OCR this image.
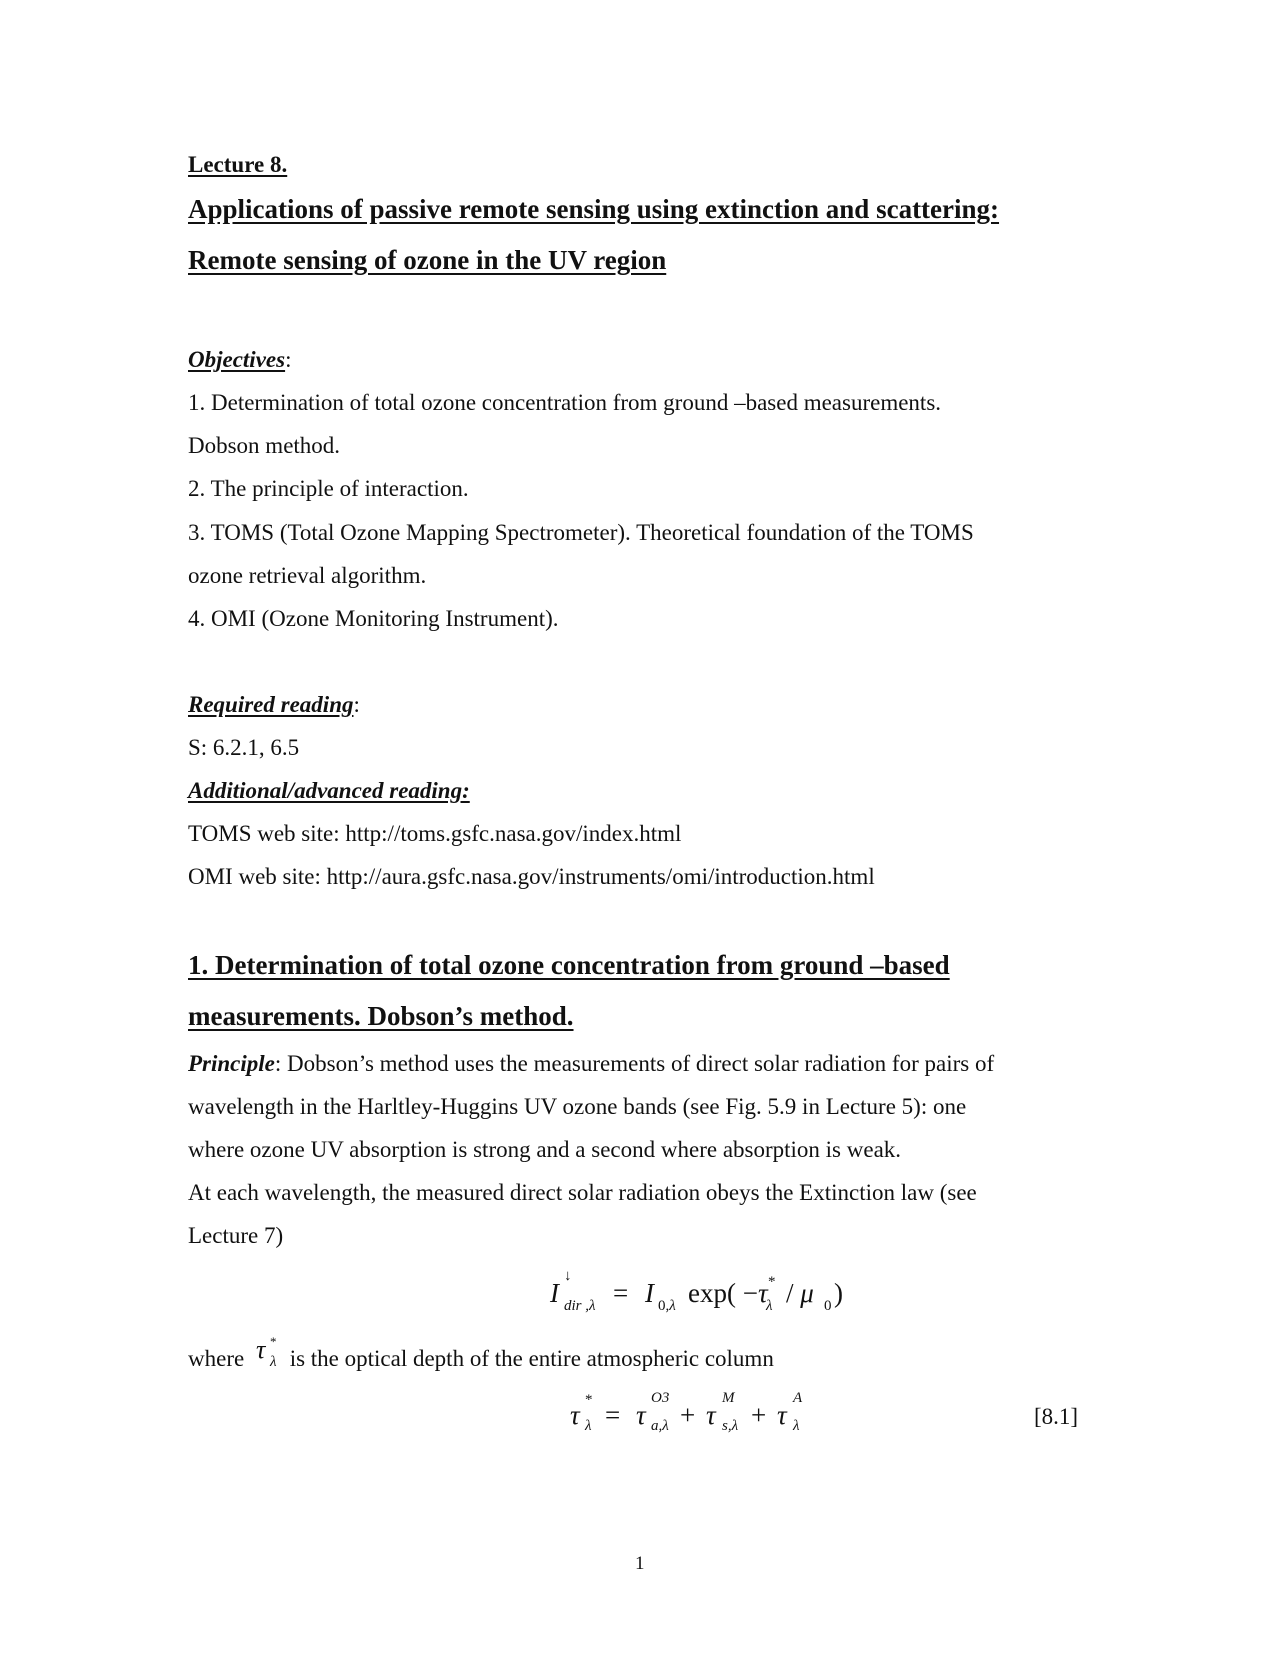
Lecture 8.
Applications of passive remote sensing using extinction and scattering:
Remote sensing of ozone in the UV region
Objectives:
1. Determination of total ozone concentration from ground –based measurements.
Dobson method.
2. The principle of interaction.
3. TOMS (Total Ozone Mapping Spectrometer). Theoretical foundation of the TOMS
ozone retrieval algorithm.
4. OMI (Ozone Monitoring Instrument).
Required reading:
S: 6.2.1, 6.5
Additional/advanced reading:
TOMS web site: http://toms.gsfc.nasa.gov/index.html
OMI web site: http://aura.gsfc.nasa.gov/instruments/omi/introduction.html
1. Determination of total ozone concentration from ground –based
measurements. Dobson’s method.
Principle: Dobson’s method uses the measurements of direct solar radiation for pairs of
wavelength in the Harltley-Huggins UV ozone bands (see Fig. 5.9 in Lecture 5): one
where ozone UV absorption is strong and a second where absorption is weak.
At each wavelength, the measured direct solar radiation obeys the Extinction law (see
Lecture 7)
I
↓
dir ,λ = I 0,λ exp( −τ *
λ / μ 0 )
where τ *
λ is the optical depth of the entire atmospheric column
τ *
λ = τ
O3
a,λ + τ
M
s,λ + τ
A
λ	[8.1]
1
